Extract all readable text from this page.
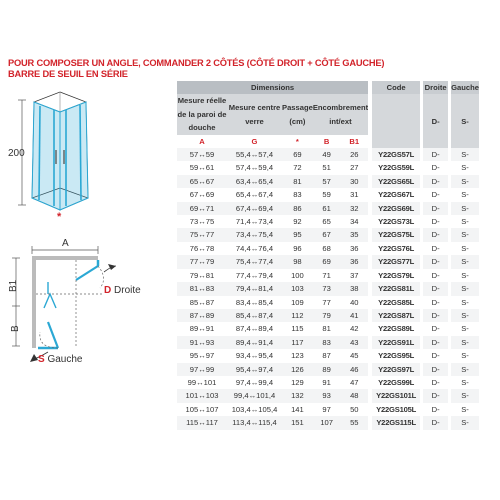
POUR COMPOSER UN ANGLE, COMMANDER 2 CÔTÉS (CÔTÉ DROIT + CÔTÉ GAUCHE)
BARRE DE SEUIL EN SÉRIE
200
*
A
B1
B
D Droite
S Gauche
Dimensions						Code		Droite		Gauche
Mesure réelle de la paroi de douche	Mesure centre verre	Passage (cm)	Encombrement int/ext					D-		S-
A	G	*	B	B1						
57↔59	55,4↔57,4	69	49	26		Y22GS57L		D-		S-
59↔61	57,4↔59,4	72	51	27		Y22GS59L		D-		S-
65↔67	63,4↔65,4	81	57	30		Y22GS65L		D-		S-
67↔69	65,4↔67,4	83	59	31		Y22GS67L		D-		S-
69↔71	67,4↔69,4	86	61	32		Y22GS69L		D-		S-
73↔75	71,4↔73,4	92	65	34		Y22GS73L		D-		S-
75↔77	73,4↔75,4	95	67	35		Y22GS75L		D-		S-
76↔78	74,4↔76,4	96	68	36		Y22GS76L		D-		S-
77↔79	75,4↔77,4	98	69	36		Y22GS77L		D-		S-
79↔81	77,4↔79,4	100	71	37		Y22GS79L		D-		S-
81↔83	79,4↔81,4	103	73	38		Y22GS81L		D-		S-
85↔87	83,4↔85,4	109	77	40		Y22GS85L		D-		S-
87↔89	85,4↔87,4	112	79	41		Y22GS87L		D-		S-
89↔91	87,4↔89,4	115	81	42		Y22GS89L		D-		S-
91↔93	89,4↔91,4	117	83	43		Y22GS91L		D-		S-
95↔97	93,4↔95,4	123	87	45		Y22GS95L		D-		S-
97↔99	95,4↔97,4	126	89	46		Y22GS97L		D-		S-
99↔101	97,4↔99,4	129	91	47		Y22GS99L		D-		S-
101↔103	99,4↔101,4	132	93	48		Y22GS101L		D-		S-
105↔107	103,4↔105,4	141	97	50		Y22GS105L		D-		S-
115↔117	113,4↔115,4	151	107	55		Y22GS115L		D-		S-
